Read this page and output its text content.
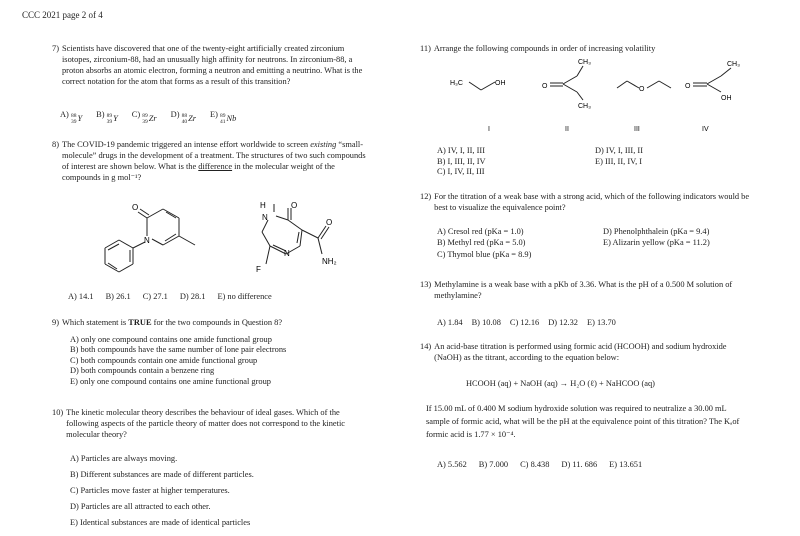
CCC 2021 page 2 of 4
7) Scientists have discovered that one of the twenty-eight artificially created zirconium isotopes, zirconium-88, had an unusually high affinity for neutrons. In zirconium-88, a proton absorbs an atomic electron, forming a neutron and emitting a neutrino. What is the correct notation for the atom that forms as a result of this transition?
A) 88
39 Y B) 89
39 Y C) 89
39 Zr D) 88
40 Zr E) 89
41 Nb
8) The COVID-19 pandemic triggered an intense effort worldwide to screen existing “small-molecule” drugs in the development of a treatment. The structures of two such compounds of interest are shown below. What is the difference in the molecular weight of the compounds in g mol⁻¹?
O
N
H
N
O
N
O
NH₂
F
A) 14.1 B) 26.1 C) 27.1 D) 28.1 E) no difference
9) Which statement is TRUE for the two compounds in Question 8?
A) only one compound contains one amide functional group
B) both compounds have the same number of lone pair electrons
C) both compounds contain one amide functional group
D) both compounds contain a benzene ring
E) only one compound contains one amine functional group
10) The kinetic molecular theory describes the behaviour of ideal gases. Which of the following aspects of the particle theory of matter does not correspond to the kinetic molecular theory?
A) Particles are always moving.
B) Different substances are made of different particles.
C) Particles move faster at higher temperatures.
D) Particles are all attracted to each other.
E) Identical substances are made of identical particles
11) Arrange the following compounds in order of increasing volatility
H₃C	OH	O
CH₃
CH₃
O	O
CH₃
OH
I	II	III	IV
A) IV, I, II, III	D) IV, I, III, II
B) I, III, II, IV	E) III, II, IV, I
C) I, IV, II, III
12) For the titration of a weak base with a strong acid, which of the following indicators would be best to visualize the equivalence point?
A) Cresol red (pKa = 1.0)	D) Phenolphthalein (pKa = 9.4)
B) Methyl red (pKa = 5.0)	E) Alizarin yellow (pKa = 11.2)
C) Thymol blue (pKa = 8.9)
13) Methylamine is a weak base with a pKb of 3.36. What is the pH of a 0.500 M solution of methylamine?
A) 1.84 B) 10.08 C) 12.16 D) 12.32 E) 13.70
14) An acid-base titration is performed using formic acid (HCOOH) and sodium hydroxide (NaOH) as the titrant, according to the equation below:
HCOOH (aq) + NaOH (aq) → H₂O (ℓ) + NaHCOO (aq)
If 15.00 mL of 0.400 M sodium hydroxide solution was required to neutralize a 30.00 mL sample of formic acid, what will be the pH at the equivalence point of this titration? The Kₐof formic acid is 1.77 × 10⁻⁴.
A) 5.562 B) 7.000 C) 8.438 D) 11. 686 E) 13.651
